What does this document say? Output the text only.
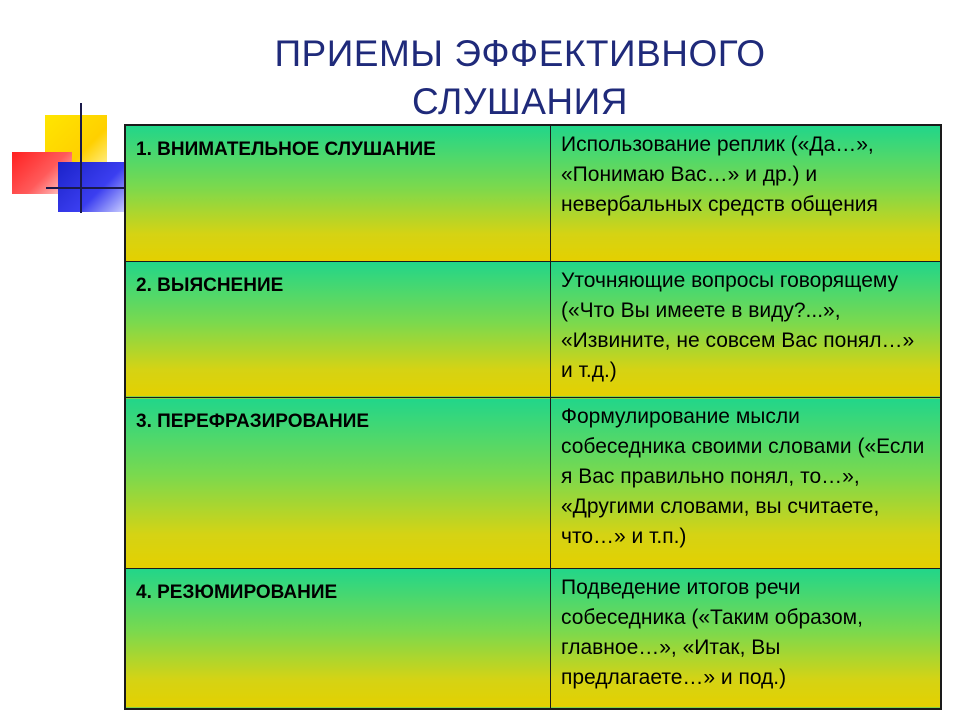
ПРИЕМЫ ЭФФЕКТИВНОГО
СЛУШАНИЯ
1. ВНИМАТЕЛЬНОЕ СЛУШАНИЕ	Использование реплик («Да…», «Понимаю Вас…» и др.) и невербальных средств общения
2. ВЫЯСНЕНИЕ	Уточняющие вопросы говорящему («Что Вы имеете в виду?...», «Извините, не совсем Вас понял…» и т.д.)
3. ПЕРЕФРАЗИРОВАНИЕ	Формулирование мысли собеседника своими словами («Если я Вас правильно понял, то…», «Другими словами, вы считаете, что…» и т.п.)
4. РЕЗЮМИРОВАНИЕ	Подведение итогов речи собеседника («Таким образом, главное…», «Итак, Вы предлагаете…» и под.)
